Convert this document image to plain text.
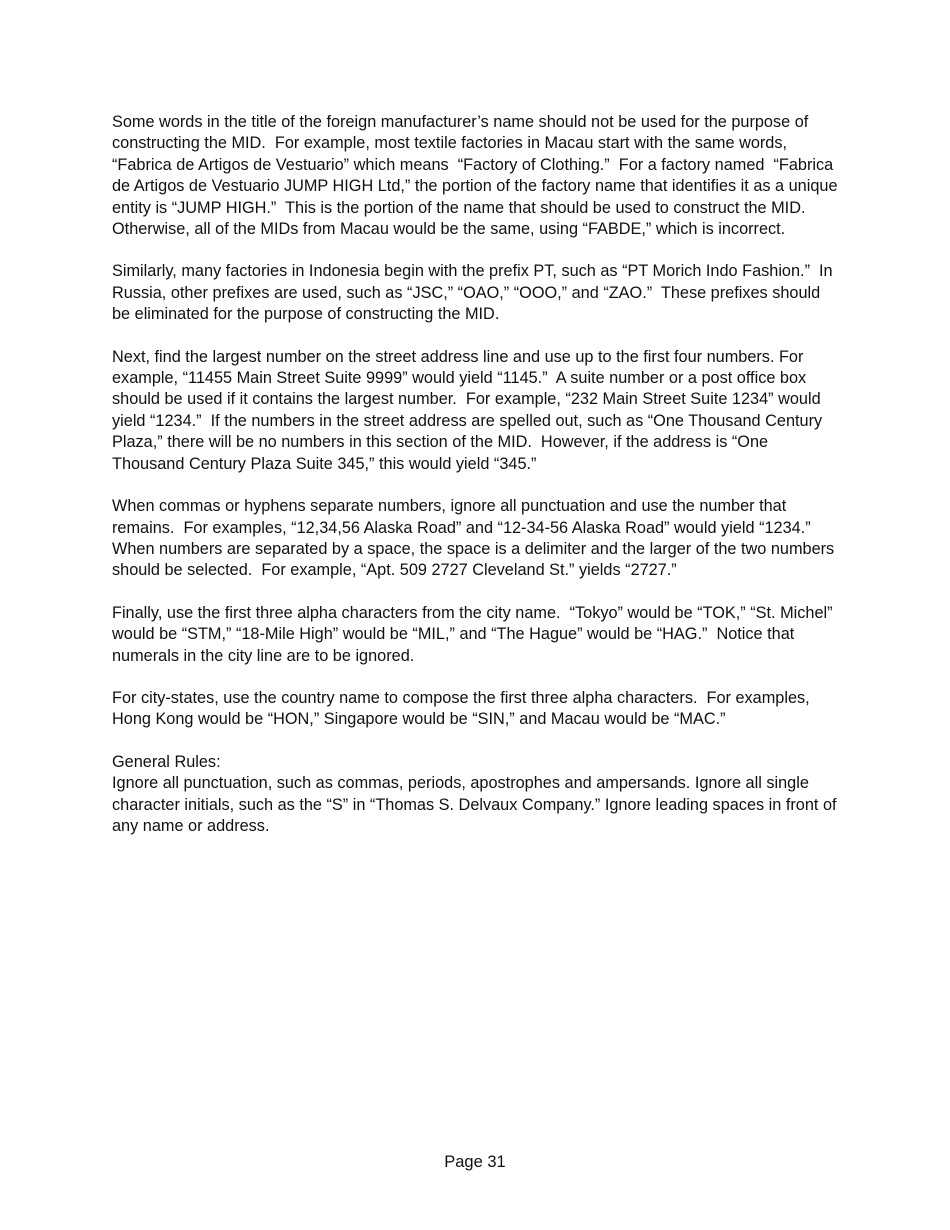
Some words in the title of the foreign manufacturer’s name should not be used for the purpose of constructing the MID.  For example, most textile factories in Macau start with the same words, “Fabrica de Artigos de Vestuario” which means  “Factory of Clothing.”  For a factory named  “Fabrica de Artigos de Vestuario JUMP HIGH Ltd,” the portion of the factory name that identifies it as a unique entity is “JUMP HIGH.”  This is the portion of the name that should be used to construct the MID.  Otherwise, all of the MIDs from Macau would be the same, using “FABDE,” which is incorrect.

Similarly, many factories in Indonesia begin with the prefix PT, such as “PT Morich Indo Fashion.”  In Russia, other prefixes are used, such as “JSC,” “OAO,” “OOO,” and “ZAO.”  These prefixes should be eliminated for the purpose of constructing the MID.

Next, find the largest number on the street address line and use up to the first four numbers. For example, “11455 Main Street Suite 9999” would yield “1145.”  A suite number or a post office box should be used if it contains the largest number.  For example, “232 Main Street Suite 1234” would yield “1234.”  If the numbers in the street address are spelled out, such as “One Thousand Century Plaza,” there will be no numbers in this section of the MID.  However, if the address is “One Thousand Century Plaza Suite 345,” this would yield “345.”

When commas or hyphens separate numbers, ignore all punctuation and use the number that remains.  For examples, “12,34,56 Alaska Road” and “12-34-56 Alaska Road” would yield “1234.”  When numbers are separated by a space, the space is a delimiter and the larger of the two numbers should be selected.  For example, “Apt. 509 2727 Cleveland St.” yields “2727.”

Finally, use the first three alpha characters from the city name.  “Tokyo” would be “TOK,” “St. Michel” would be “STM,” “18-Mile High” would be “MIL,” and “The Hague” would be “HAG.”  Notice that numerals in the city line are to be ignored.

For city-states, use the country name to compose the first three alpha characters.  For examples, Hong Kong would be “HON,” Singapore would be “SIN,” and Macau would be “MAC.”

General Rules:

Ignore all punctuation, such as commas, periods, apostrophes and ampersands. Ignore all single character initials, such as the “S” in “Thomas S. Delvaux Company.” Ignore leading spaces in front of any name or address.

Page 31
